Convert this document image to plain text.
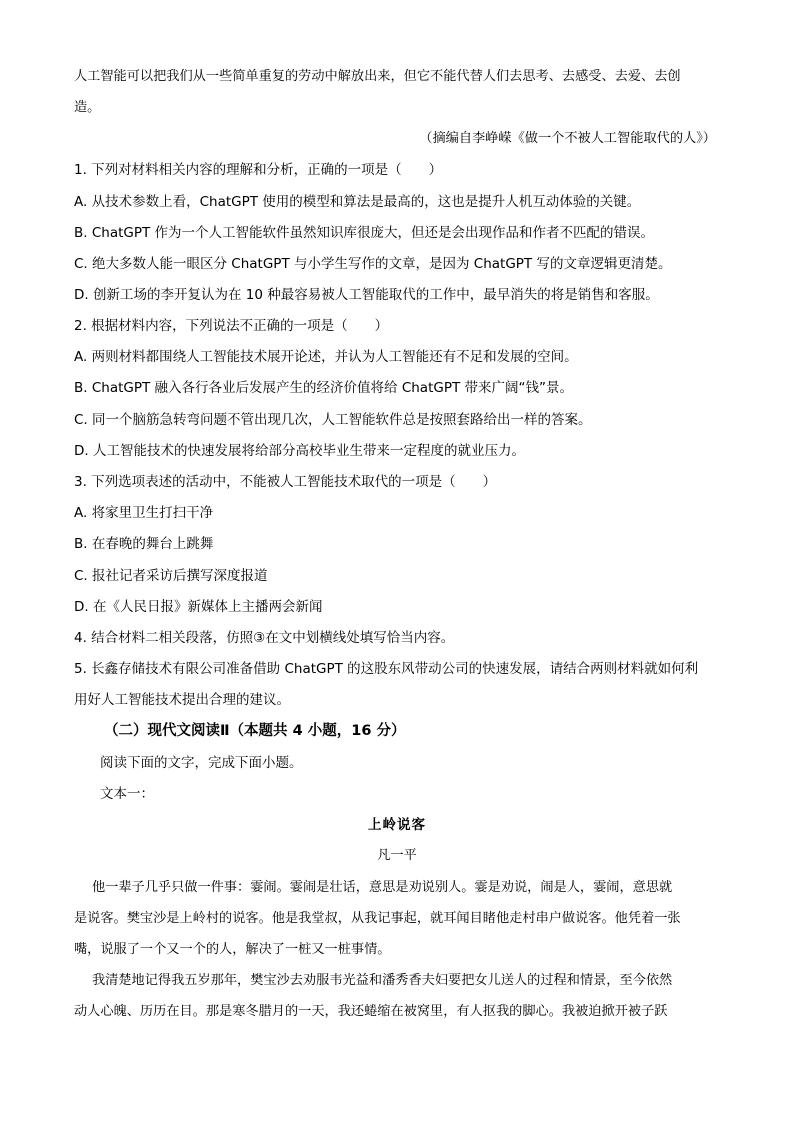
人工智能可以把我们从一些简单重复的劳动中解放出来，但它不能代替人们去思考、去感受、去爱、去创
造。
（摘编自李峥嵘《做一个不被人工智能取代的人》）
1. 下列对材料相关内容的理解和分析，正确的一项是（　　）
A. 从技术参数上看，ChatGPT 使用的模型和算法是最高的，这也是提升人机互动体验的关键。
B. ChatGPT 作为一个人工智能软件虽然知识库很庞大，但还是会出现作品和作者不匹配的错误。
C. 绝大多数人能一眼区分 ChatGPT 与小学生写作的文章，是因为 ChatGPT 写的文章逻辑更清楚。
D. 创新工场的李开复认为在 10 种最容易被人工智能取代的工作中，最早消失的将是销售和客服。
2. 根据材料内容，下列说法不正确的一项是（　　）
A. 两则材料都围绕人工智能技术展开论述，并认为人工智能还有不足和发展的空间。
B. ChatGPT 融入各行各业后发展产生的经济价值将给 ChatGPT 带来广阔“钱”景。
C. 同一个脑筋急转弯问题不管出现几次，人工智能软件总是按照套路给出一样的答案。
D. 人工智能技术的快速发展将给部分高校毕业生带来一定程度的就业压力。
3. 下列选项表述的活动中，不能被人工智能技术取代的一项是（　　）
A. 将家里卫生打扫干净
B. 在春晚的舞台上跳舞
C. 报社记者采访后撰写深度报道
D. 在《人民日报》新媒体上主播两会新闻
4. 结合材料二相关段落，仿照③在文中划横线处填写恰当内容。
5. 长鑫存储技术有限公司准备借助 ChatGPT 的这股东风带动公司的快速发展，请结合两则材料就如何利
用好人工智能技术提出合理的建议。
（二）现代文阅读Ⅱ（本题共 4 小题，16 分）
阅读下面的文字，完成下面小题。
文本一：
上岭说客
凡一平
他一辈子几乎只做一件事：霎闹。霎闹是壮话，意思是劝说别人。霎是劝说，闹是人，霎闹，意思就
是说客。樊宝沙是上岭村的说客。他是我堂叔，从我记事起，就耳闻目睹他走村串户做说客。他凭着一张
嘴，说服了一个又一个的人，解决了一桩又一桩事情。
我清楚地记得我五岁那年，樊宝沙去劝服韦光益和潘秀香夫妇要把女儿送人的过程和情景，至今依然
动人心魄、历历在目。那是寒冬腊月的一天，我还蜷缩在被窝里，有人抠我的脚心。我被迫掀开被子跃
